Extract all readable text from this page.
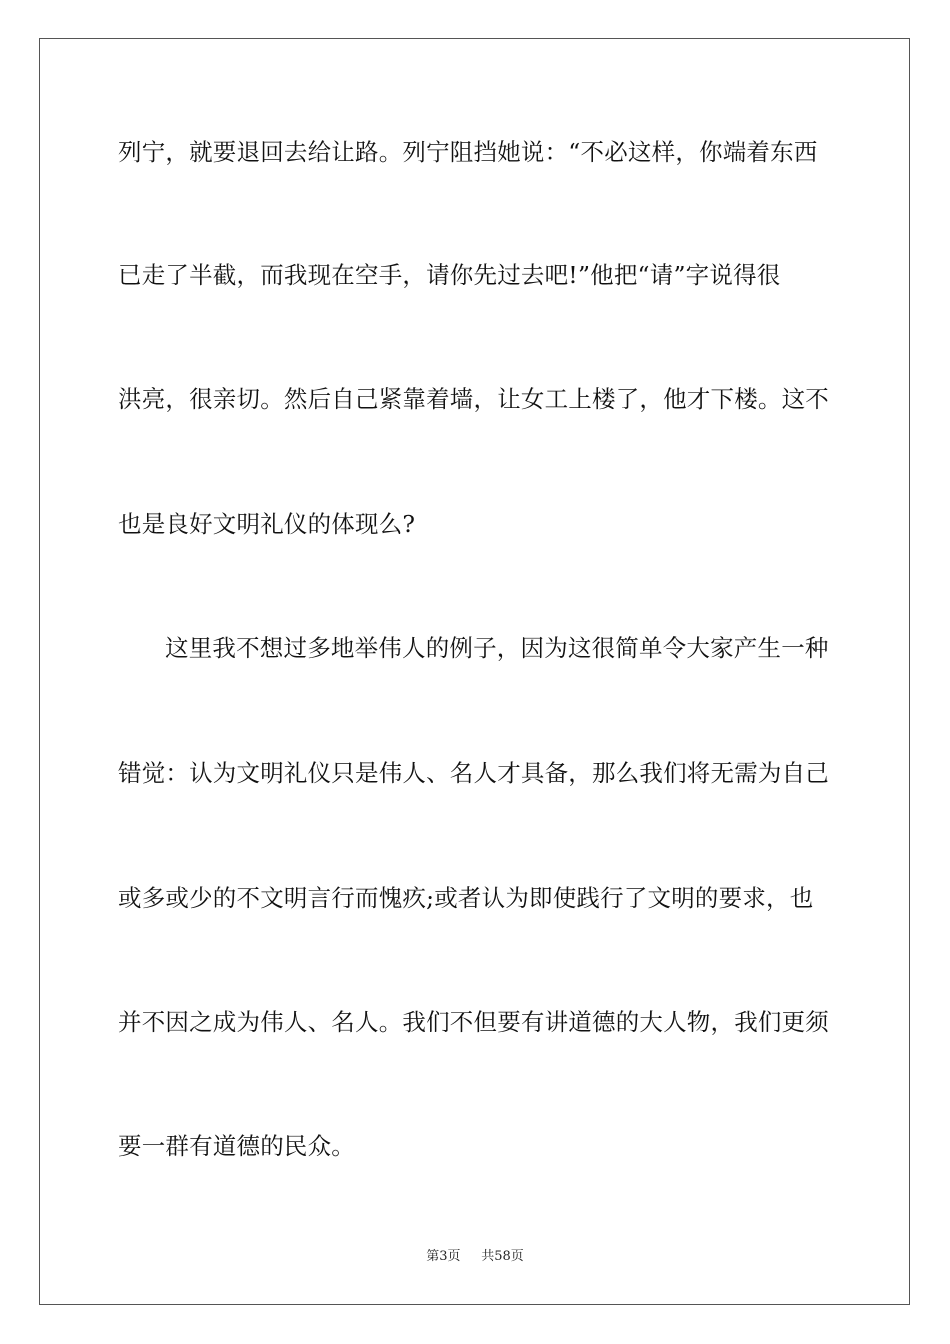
列宁，就要退回去给让路。列宁阻挡她说：“不必这样，你端着东西
已走了半截，而我现在空手，请你先过去吧!”他把“请”字说得很
洪亮，很亲切。然后自己紧靠着墙，让女工上楼了，他才下楼。这不
也是良好文明礼仪的体现么?
这里我不想过多地举伟人的例子，因为这很简单令大家产生一种
错觉：认为文明礼仪只是伟人、名人才具备，那么我们将无需为自己
或多或少的不文明言行而愧疚;或者认为即使践行了文明的要求，也
并不因之成为伟人、名人。我们不但要有讲道德的大人物，我们更须
要一群有道德的民众。
第3页 共58页
